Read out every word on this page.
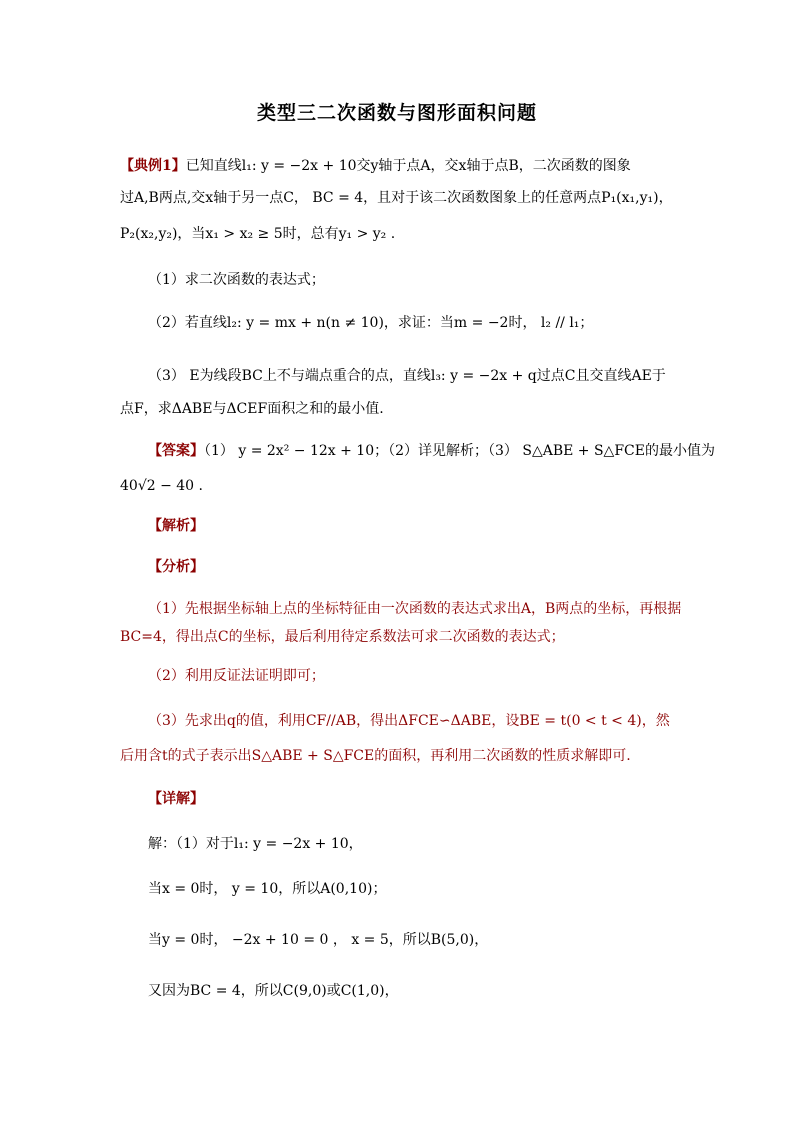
类型三二次函数与图形面积问题
【典例1】已知直线l₁: y = −2x + 10交y轴于点A，交x轴于点B，二次函数的图象
过A,B两点,交x轴于另一点C， BC = 4，且对于该二次函数图象上的任意两点P₁(x₁,y₁)，
P₂(x₂,y₂)，当x₁ > x₂ ≥ 5时，总有y₁ > y₂ .
（1）求二次函数的表达式；
（2）若直线l₂: y = mx + n(n ≠ 10)，求证：当m = −2时， l₂ // l₁；
（3） E为线段BC上不与端点重合的点，直线l₃: y = −2x + q过点C且交直线AE于
点F，求ΔABE与ΔCEF面积之和的最小值.
【答案】（1） y = 2x² − 12x + 10；（2）详见解析；（3） S△ABE + S△FCE的最小值为
40√2 − 40 .
【解析】
【分析】
（1）先根据坐标轴上点的坐标特征由一次函数的表达式求出A，B两点的坐标，再根据
BC=4，得出点C的坐标，最后利用待定系数法可求二次函数的表达式；
（2）利用反证法证明即可；
（3）先求出q的值，利用CF//AB，得出ΔFCE∽ΔABE，设BE = t(0 < t < 4)，然
后用含t的式子表示出S△ABE + S△FCE的面积，再利用二次函数的性质求解即可.
【详解】
解：（1）对于l₁: y = −2x + 10，
当x = 0时， y = 10，所以A(0,10)；
当y = 0时， −2x + 10 = 0 ， x = 5，所以B(5,0)，
又因为BC = 4，所以C(9,0)或C(1,0)，
